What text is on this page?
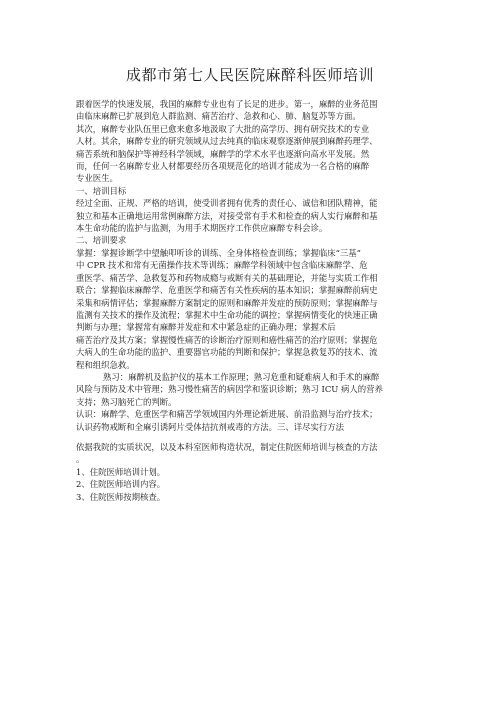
成都市第七人民医院麻醉科医师培训

跟着医学的快速发展，我国的麻醉专业也有了长足的进步。第一，麻醉的业务范围

由临床麻醉已扩展到危人群监测、痛苦治疗、急救和心、肺、脑复苏等方面。

其次，麻醉专业队伍里已愈来愈多地汲取了大批的高学历、拥有研究技术的专业

人材。其余，麻醉专业的研究领域从过去纯真的临床观察逐渐伸展到麻醉药理学、

痛苦系统和脑保护等神经科学领域，麻醉学的学术水平也逐渐向高水平发展。然

而，任何一名麻醉专业人材都要经历各项规范化的培训才能成为一名合格的麻醉

专业医生。

一、培训目标

经过全面、正规、严格的培训，使受训者拥有优秀的责任心、诚信和团队精神，能

独立和基本正确地运用常例麻醉方法，对接受常有手术和检查的病人实行麻醉和基

本生命功能的监护与监测，为用手术期医疗工作供应麻醉专科会诊。

二、培训要求

掌握：掌握诊断学中望触叩听诊的训练、全身体格检查训练；掌握临床“三基”

中 CPR 技术和常有无菌操作技术等训练；麻醉学科领域中包含临床麻醉学、危

重医学、痛苦学、急救复苏和药物成瘾与戒断有关的基础理论，并能与实质工作相

联合；掌握临床麻醉学、危重医学和痛苦有关性疾病的基本知识；掌握麻醉前病史

采集和病情评估；掌握麻醉方案制定的原则和麻醉并发症的预防原则；掌握麻醉与

监测有关技术的操作及流程；掌握术中生命功能的调控；掌握病情变化的快速正确

判断与办理；掌握常有麻醉并发症和术中紧急症的正确办理；掌握术后

痛苦治疗及其方案；掌握慢性痛苦的诊断治疗原则和癌性痛苦的治疗原则；掌握危

大病人的生命功能的监护、重要器官功能的判断和保护；掌握急救复苏的技术、流

程和组织急救。

熟习：麻醉机及监护仪的基本工作原理；熟习危重和疑难病人和手术的麻醉

风险与预防及术中管理；熟习慢性痛苦的病因学和鉴识诊断；熟习 ICU 病人的营养

支持；熟习脑死亡的判断。

认识：麻醉学、危重医学和痛苦学领域国内外理论新进展、前沿监测与治疗技术；

认识药物戒断和全麻引诱阿片受体拮抗剂戒毒的方法。三、详尽实行方法

依据我院的实质状况，以及本科室医师构造状况，制定住院医师培训与核查的方法

。

1、住院医师培训计划。

2、住院医师培训内容。

3、住院医师按期核查。
